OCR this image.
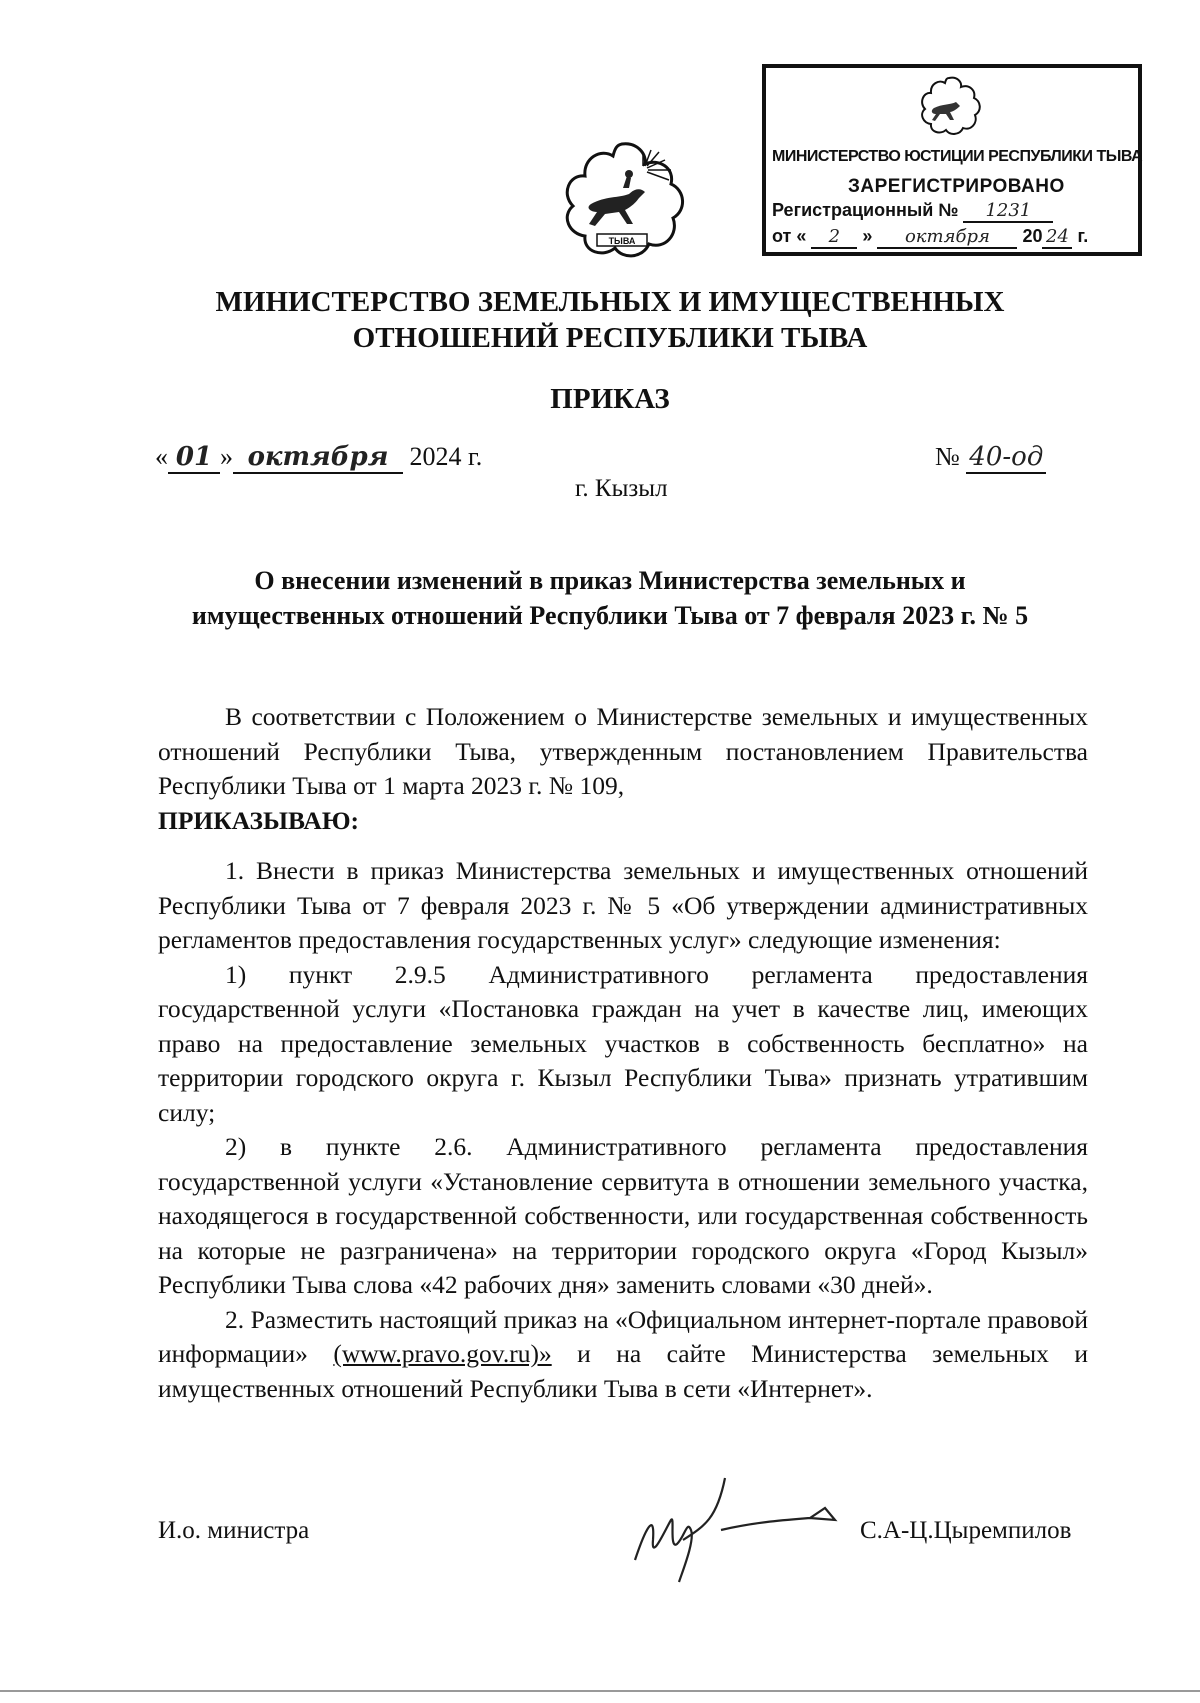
ТЫВА
МИНИСТЕРСТВО ЮСТИЦИИ РЕСПУБЛИКИ ТЫВА
ЗАРЕГИСТРИРОВАНО
Регистрационный № 1231
от « 2 » октября 20 24 г.
МИНИСТЕРСТВО ЗЕМЕЛЬНЫХ И ИМУЩЕСТВЕННЫХ
ОТНОШЕНИЙ РЕСПУБЛИКИ ТЫВА
ПРИКАЗ
« 01 » октября 2024 г.
г. Кызыл
№ 40-од
О внесении изменений в приказ Министерства земельных и
имущественных отношений Республики Тыва от 7 февраля 2023 г. № 5

В соответствии с Положением о Министерстве земельных и имущественных отношений Республики Тыва, утвержденным постановлением Правительства Республики Тыва от 1 марта 2023 г. № 109,

ПРИКАЗЫВАЮ:

1. Внести в приказ Министерства земельных и имущественных отношений Республики Тыва от 7 февраля 2023 г. № 5 «Об утверждении административных регламентов предоставления государственных услуг» следующие изменения:

1) пункт 2.9.5 Административного регламента предоставления государственной услуги «Постановка граждан на учет в качестве лиц, имеющих право на предоставление земельных участков в собственность бесплатно» на территории городского округа г. Кызыл Республики Тыва» признать утратившим силу;

2) в пункте 2.6. Административного регламента предоставления государственной услуги «Установление сервитута в отношении земельного участка, находящегося в государственной собственности, или государственная собственность на которые не разграничена» на территории городского округа «Город Кызыл» Республики Тыва слова «42 рабочих дня» заменить словами «30 дней».

2. Разместить настоящий приказ на «Официальном интернет-портале правовой информации» (www.pravo.gov.ru)» и на сайте Министерства земельных и имущественных отношений Республики Тыва в сети «Интернет».

И.о. министра	С.А-Ц.Цыремпилов
